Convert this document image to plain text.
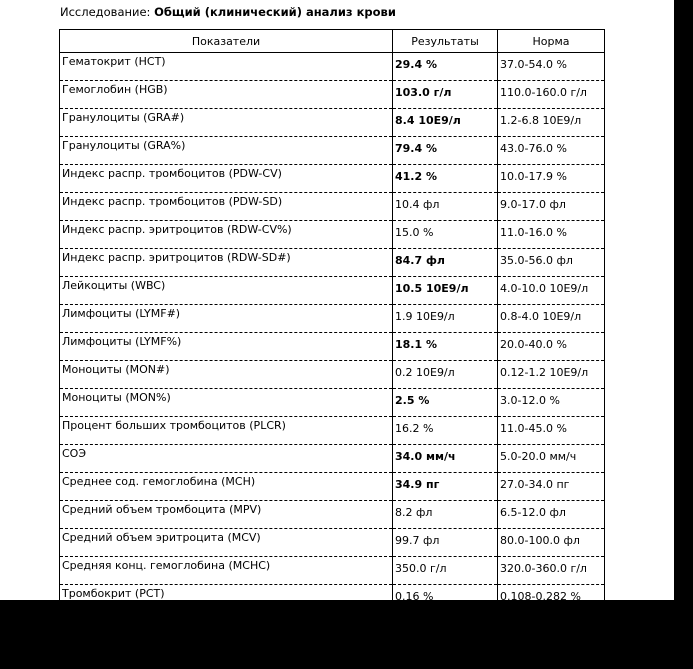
Исследование: Общий (клинический) анализ крови
Показатели	Результаты	Норма
Гематокрит (HCT)	29.4 %	37.0-54.0 %
Гемоглобин (HGB)	103.0 г/л	110.0-160.0 г/л
Гранулоциты (GRA#)	8.4 10E9/л	1.2-6.8 10E9/л
Гранулоциты (GRA%)	79.4 %	43.0-76.0 %
Индекс распр. тромбоцитов (PDW-CV)	41.2 %	10.0-17.9 %
Индекс распр. тромбоцитов (PDW-SD)	10.4 фл	9.0-17.0 фл
Индекс распр. эритроцитов (RDW-CV%)	15.0 %	11.0-16.0 %
Индекс распр. эритроцитов (RDW-SD#)	84.7 фл	35.0-56.0 фл
Лейкоциты (WBC)	10.5 10E9/л	4.0-10.0 10E9/л
Лимфоциты (LYMF#)	1.9 10E9/л	0.8-4.0 10E9/л
Лимфоциты (LYMF%)	18.1 %	20.0-40.0 %
Моноциты (MON#)	0.2 10E9/л	0.12-1.2 10E9/л
Моноциты (MON%)	2.5 %	3.0-12.0 %
Процент больших тромбоцитов (PLCR)	16.2 %	11.0-45.0 %
СОЭ	34.0 мм/ч	5.0-20.0 мм/ч
Среднее сод. гемоглобина (MCH)	34.9 пг	27.0-34.0 пг
Средний объем тромбоцита (MPV)	8.2 фл	6.5-12.0 фл
Средний объем эритроцита (MCV)	99.7 фл	80.0-100.0 фл
Средняя конц. гемоглобина (MCHC)	350.0 г/л	320.0-360.0 г/л
Тромбокрит (PCT)	0.16 %	0.108-0.282 %
Тромбоциты (PLT)	202.0 10E9/л	150.0-400.0 10E9/л
Эритроциты (RBC)	2.95 10E12/л	3.5-5.5 10E12/л
